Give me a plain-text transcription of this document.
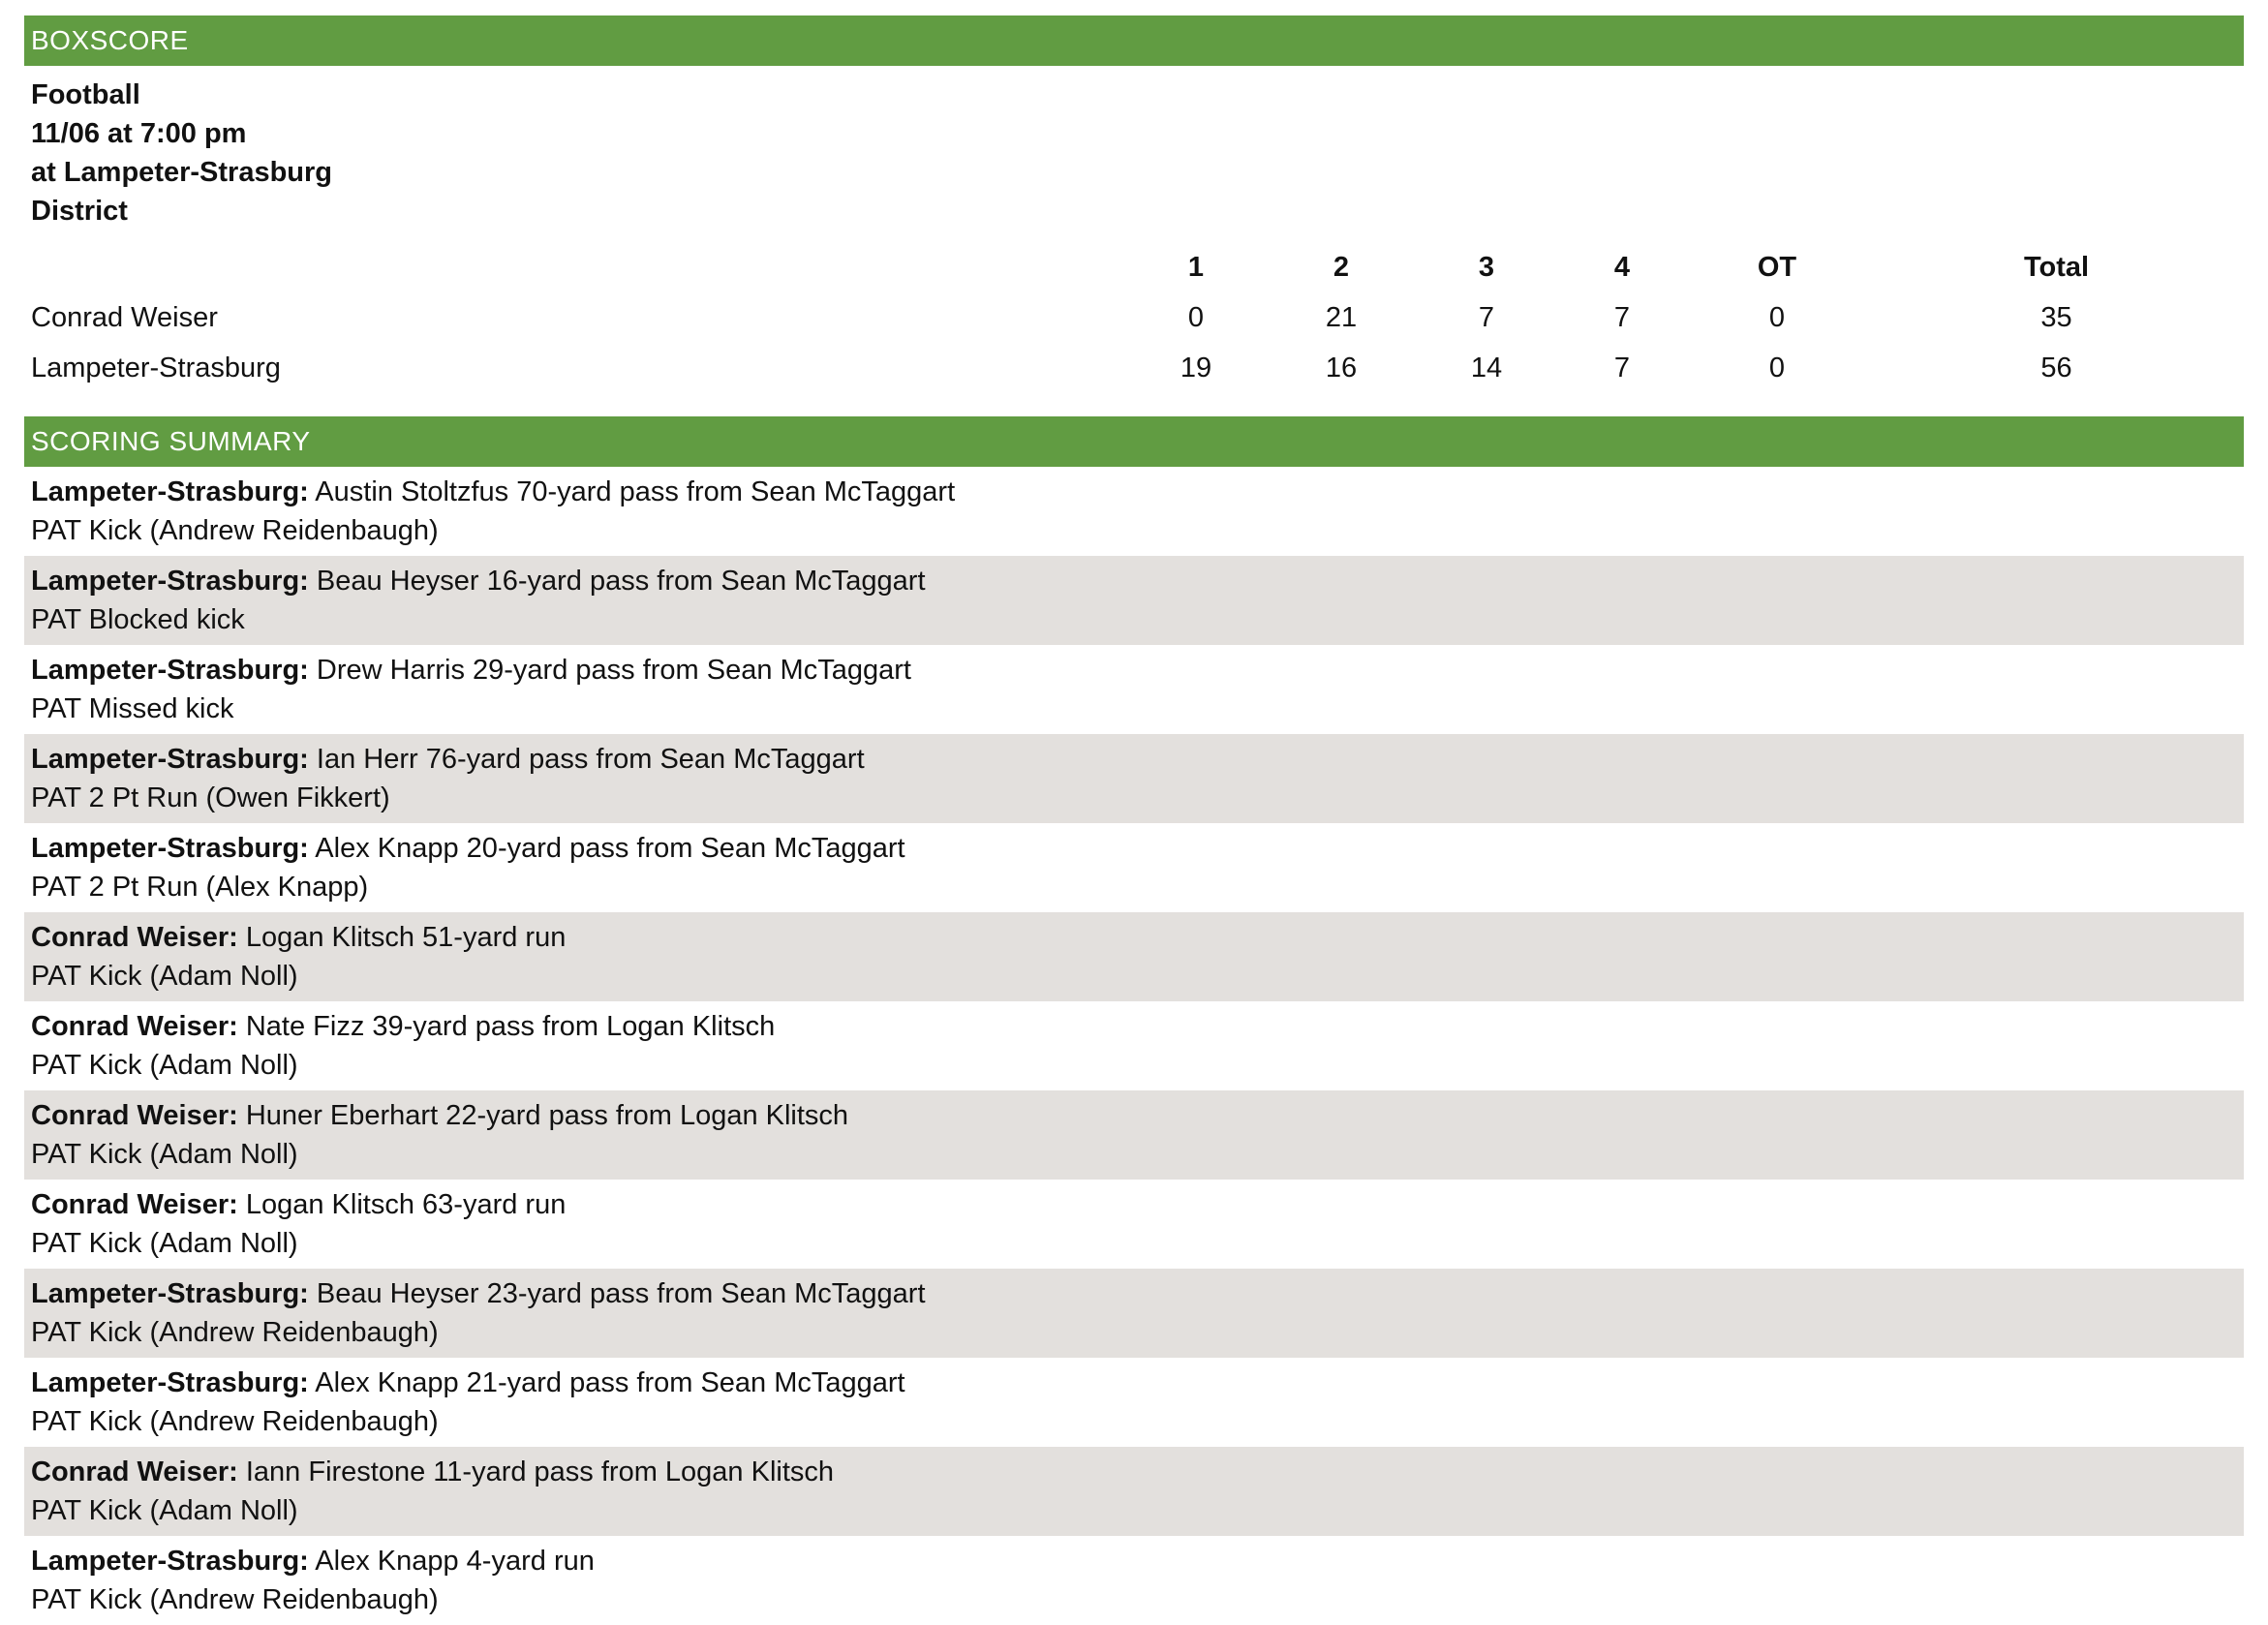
BOXSCORE
Football
11/06 at 7:00 pm
at Lampeter-Strasburg
District
	1	2	3	4	OT	Total
Conrad Weiser	0	21	7	7	0	35
Lampeter-Strasburg	19	16	14	7	0	56
SCORING SUMMARY
Lampeter-Strasburg: Austin Stoltzfus 70-yard pass from Sean McTaggart
PAT Kick (Andrew Reidenbaugh)
Lampeter-Strasburg: Beau Heyser 16-yard pass from Sean McTaggart
PAT Blocked kick
Lampeter-Strasburg: Drew Harris 29-yard pass from Sean McTaggart
PAT Missed kick
Lampeter-Strasburg: Ian Herr 76-yard pass from Sean McTaggart
PAT 2 Pt Run (Owen Fikkert)
Lampeter-Strasburg: Alex Knapp 20-yard pass from Sean McTaggart
PAT 2 Pt Run (Alex Knapp)
Conrad Weiser: Logan Klitsch 51-yard run
PAT Kick (Adam Noll)
Conrad Weiser: Nate Fizz 39-yard pass from Logan Klitsch
PAT Kick (Adam Noll)
Conrad Weiser: Huner Eberhart 22-yard pass from Logan Klitsch
PAT Kick (Adam Noll)
Conrad Weiser: Logan Klitsch 63-yard run
PAT Kick (Adam Noll)
Lampeter-Strasburg: Beau Heyser 23-yard pass from Sean McTaggart
PAT Kick (Andrew Reidenbaugh)
Lampeter-Strasburg: Alex Knapp 21-yard pass from Sean McTaggart
PAT Kick (Andrew Reidenbaugh)
Conrad Weiser: Iann Firestone 11-yard pass from Logan Klitsch
PAT Kick (Adam Noll)
Lampeter-Strasburg: Alex Knapp 4-yard run
PAT Kick (Andrew Reidenbaugh)
